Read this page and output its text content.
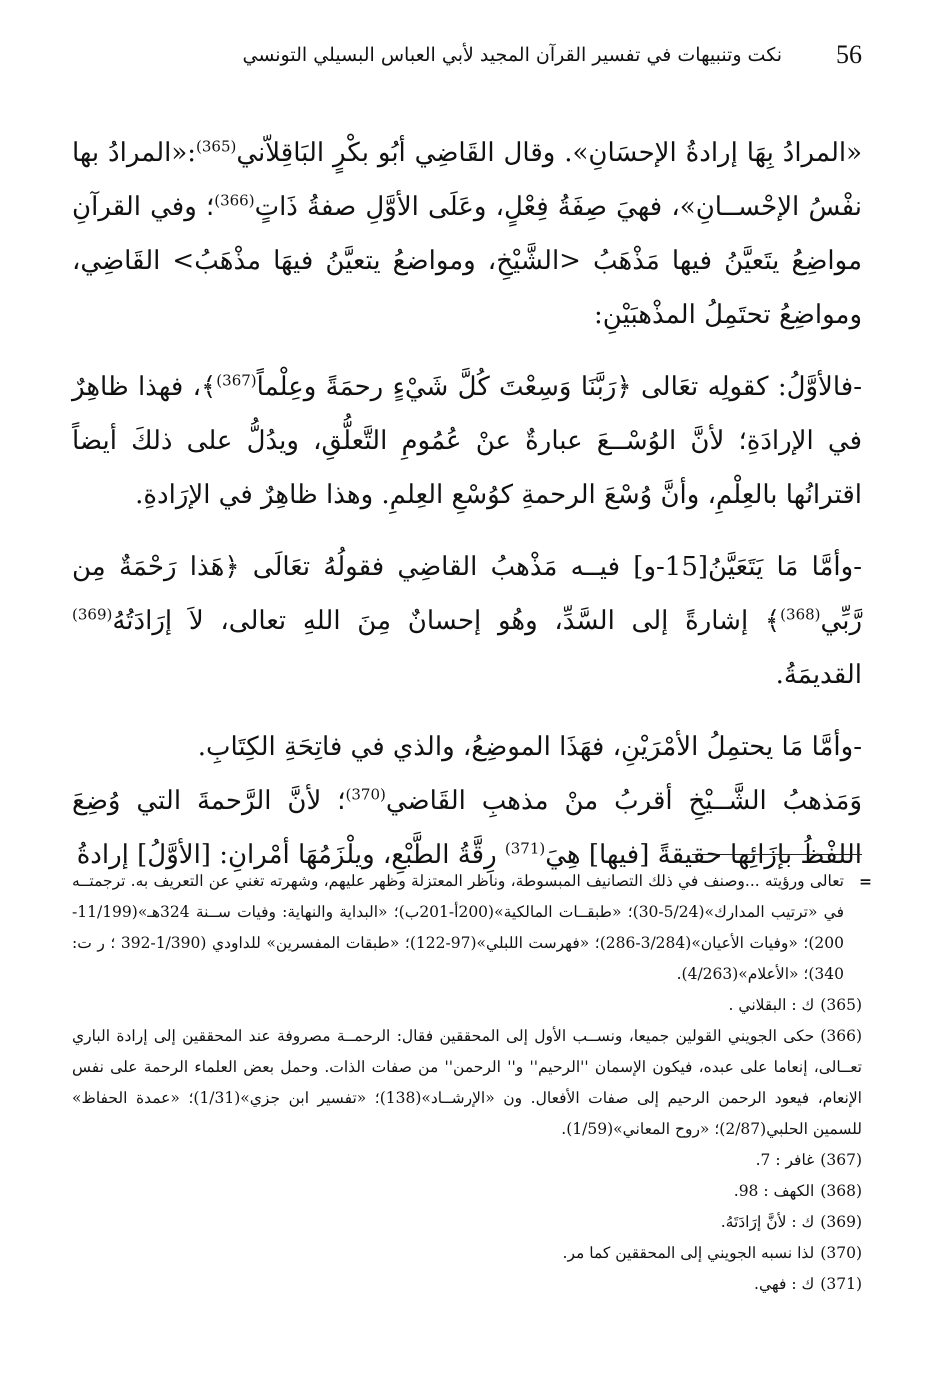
56
نكت وتنبيهات في تفسير القرآن المجيد لأبي العباس البسيلي التونسي

«المرادُ بِهَا إرادةُ الإحسَانِ». وقال القَاضِي أبُو بكْرٍ البَاقِلاّني$^{(365)}$:«المرادُ بها نفْسُ الإحْســانِ»، فهيَ صِفَةُ فِعْلٍ، وعَلَى الأوَّلِ صفةُ ذَاتٍ$^{(366)}$؛ وفي القرآنِ مواضِعُ يتَعيَّنُ فيها مَذْهَبُ <الشَّيْخِ، ومواضعُ يتعيَّنُ فيهَا مذْهَبُ> القَاضِي، ومواضِعُ تحتَمِلُ المذْهبَيْنِ:

-فالأوَّلُ: كقولِه تعَالى ﴿رَبَّنَا وَسِعْتَ كُلَّ شَيْءٍ رحمَةً وعِلْماً$^{(367)}$﴾، فهذا ظاهِرٌ في الإرادَةِ؛ لأنَّ الوُسْــعَ عبارةٌ عنْ عُمُومِ التَّعلُّقِ، ويدُلُّ على ذلكَ أيضاً اقترانُها بالعِلْمِ، وأنَّ وُسْعَ الرحمةِ كوُسْعِ العِلمِ. وهذا ظاهِرٌ في الإرَادةِ.

-وأمَّا مَا يَتَعَيَّنُ[15-و] فيــه مَذْهبُ القاضِي فقولُهُ تعَالَى ﴿هَذا رَحْمَةٌ مِن رَّبِّي$^{(368)}$﴾ إشارةً إلى السَّدِّ، وهُو إحسانٌ مِنَ اللهِ تعالى، لاَ إرَادَتُهُ$^{(369)}$ القديمَةُ.

-وأمَّا مَا يحتمِلُ الأمْرَيْنِ، فهَذَا الموضِعُ، والذي في فاتِحَةِ الكِتَابِ.

وَمَذهبُ الشَّــيْخِ أقربُ منْ مذهبِ القَاضي$^{(370)}$؛ لأنَّ الرَّحمةَ التي وُضِعَ اللفْظُ بإزَائِها حقيقةً [فيها] هِيَ$^{(371)}$ رِقَّةُ الطَّبْعِ، ويلْزَمُهَا أمْرانِ: [الأوَّلُ] إرادةُ

=

تعالى ورؤيته ...وصنف في ذلك التصانيف المبسوطة، وناظر المعتزلة وظهر عليهم، وشهرته تغني عن التعريف به. ترجمتــه في «ترتيب المدارك»(5/24-30)؛ «طبقــات المالكية»(200أ-201ب)؛ «البداية والنهاية: وفيات ســنة 324هـ»(11/199-200)؛ «وفيات الأعيان»(3/284-286)؛ «فهرست اللبلي»(97-122)؛ «طبقات المفسرين» للداودي (1/390-392 ؛ ر ت: 340)؛ «الأعلام»(4/263).

(365)ك : البقلاني .

(366)حكى الجويني القولين جميعا، ونســب الأول إلى المحققين فقال: الرحمــة مصروفة عند المحققين إلى إرادة الباري تعــالى، إنعاما على عبده، فيكون الإسمان ''الرحيم'' و'' الرحمن'' من صفات الذات. وحمل بعض العلماء الرحمة على نفس الإنعام، فيعود الرحمن الرحيم إلى صفات الأفعال. ون «الإرشــاد»(138)؛ «تفسير ابن جزي»(1/31)؛ «عمدة الحفاظ» للسمين الحلبي(2/87)؛ «روح المعاني»(1/59).

(367)غافر : 7.

(368)الكهف : 98.

(369)ك : لأنَّ إرَادَتَهُ.

(370)لذا نسبه الجويني إلى المحققين كما مر.

(371)ك : فهي.
